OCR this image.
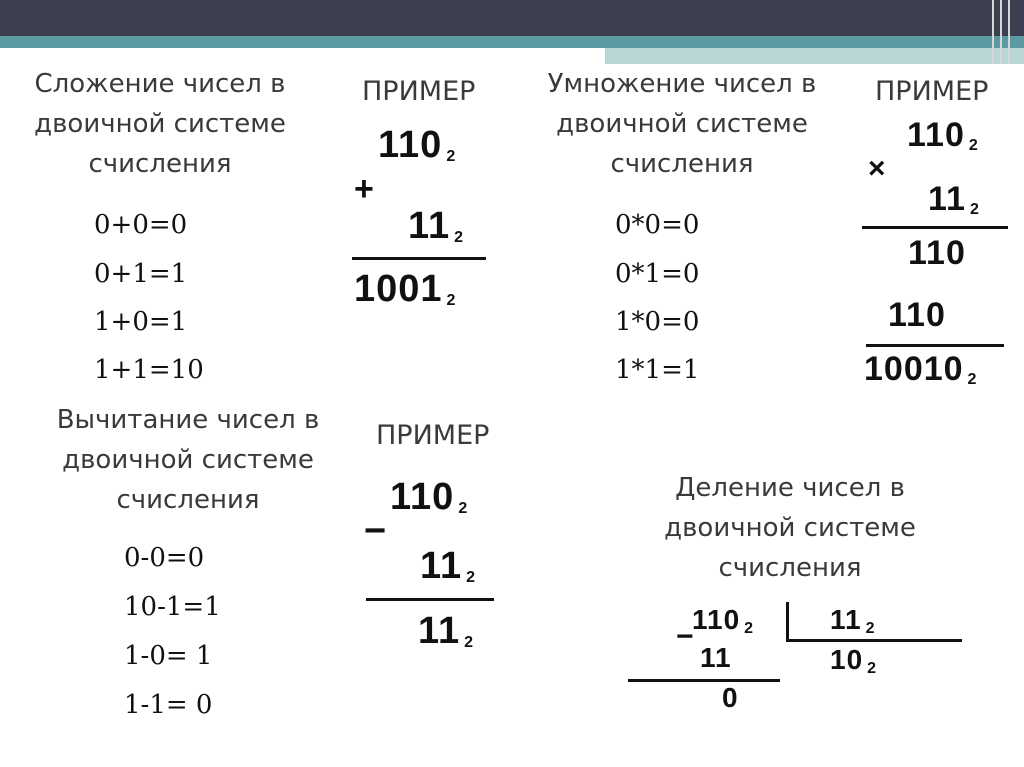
Сложение чисел в
двоичной системе
счисления
0+0=0
0+1=1
1+0=1
1+1=10
ПРИМЕР
110 $_2$
+
11 $_2$
1001 $_2$
Умножение чисел в
двоичной системе
счисления
0*0=0
0*1=0
1*0=0
1*1=1
ПРИМЕР
110 $_2$
×
11 $_2$
110
110
10010 $_2$
Вычитание чисел в
двоичной системе
счисления
0-0=0
10-1=1
1-0= 1
1-1= 0
ПРИМЕР
110 $_2$
−
11 $_2$
11 $_2$
Деление чисел в
двоичной системе
счисления
110 $_2$
−
11
0
11 $_2$
10 $_2$
